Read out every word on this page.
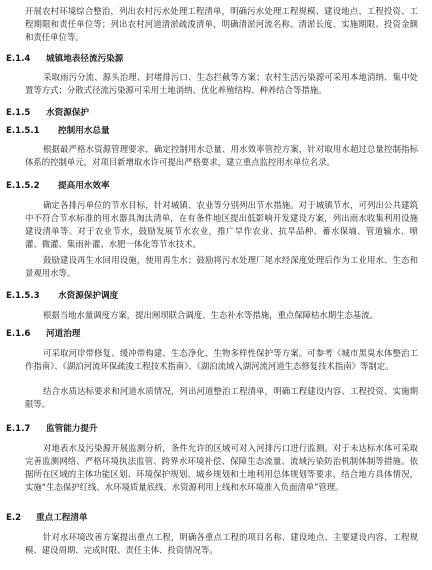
开展农村环境综合整治，列出农村污水处理工程清单，明确污水处理工程规模、建设地点、工程投资、工程期限和责任单位等；列出农村河道清淤疏浚清单，明确清淤河流名称、清淤长度、实施期限、投资金额和责任单位等。

E.1.4 城镇地表径流污染源

采取雨污分流、源头治理、封堵排污口、生态拦截等方案；农村生活污染源可采用本地消纳、集中处置等方式；分散式径流污染源可采用土地消纳、优化养殖结构、种养结合等措施。

E.1.5 水资源保护
E.1.5.1 控制用水总量

根据最严格水资源管理要求，确定控制用水总量、用水效率管控方案，针对取用水超过总量控制指标体系的控制单元，对项目新增取水许可提出严格要求，建立重点监控用水单位名录。

E.1.5.2 提高用水效率

确定各排污单位的节水目标，针对城镇、农业等分别列出节水措施。对于城镇节水，可列出公共建筑中不符合节水标准的用水器具淘汰清单，在有条件地区提出低影响开发建设方案，列出雨水收集利用设施建设清单等。对于农业节水，鼓励发展节水农业，推广旱作农业、抗旱品种、蓄水保墒、管道输水、喷灌、微灌、集雨补灌、水肥一体化等节水技术。

鼓励建设再生水回用设施，使用再生水；鼓励将污水处理厂尾水经深度处理后作为工业用水、生态和景观用水等。

E.1.5.3 水资源保护调度

根据当地水量调度方案，提出闸坝联合调度、生态补水等措施，重点保障枯水期生态基流。

E.1.6 河道治理

可采取河岸带修复、缓冲带构建、生态净化、生物多样性保护等方案。可参考《城市黑臭水体整治工作指南》、《湖泊河流环保疏浚工程技术指南》、《湖泊流域入湖河流河道生态修复技术指南》等制定。

结合水质达标要求和河道水质情况，列出河道整治工程清单，明确工程建设内容、工程投资、实施期限等。

E.1.7 监管能力提升

对地表水及污染源开展监测分析，条件允许的区域可对入河排污口进行监测。对于未达标水体可采取完善监测网络、严格环境执法监管、跨界水环境补偿、保障生态流量、流域污染防治机制体制等措施。依据所在区域的主体功能区划、环境保护规划、城乡规划和土地利用总体规划等要求，结合地方具体情况，实施“生态保护红线、水环境质量底线、水资源利用上线和水环境准入负面清单”管理。

E.2 重点工程清单

针对水环境改善方案提出重点工程，明确各重点工程的项目名称、建设地点、主要建设内容、工程规模、建设周期、完成时限、责任主体、投资情况等。
